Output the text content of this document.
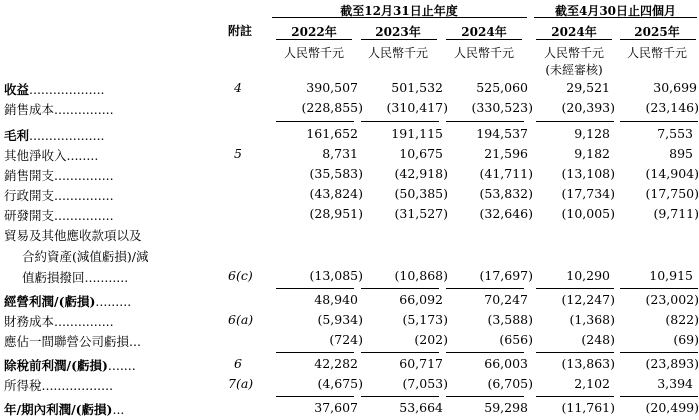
附註
截至12月31日止年度	截至4月30日止四個月
2022年	2023年	2024年	2024年	2025年
人民幣千元	人民幣千元	人民幣千元	人民幣千元	人民幣千元
(未經審核)
收益...................	4	390,507	501,532	525,060	29,521	30,699
銷售成本...............	(228,855)	(310,417)	(330,523)	(20,393)	(23,146)
毛利...................	161,652	191,115	194,537	9,128	7,553
其他淨收入........	5	8,731	10,675	21,596	9,182	895
銷售開支...............	(35,583)	(42,918)	(41,711)	(13,108)	(14,904)
行政開支...............	(43,824)	(50,385)	(53,832)	(17,734)	(17,750)
研發開支...............	(28,951)	(31,527)	(32,646)	(10,005)	(9,711)
貿易及其他應收款項以及
合約資產(減值虧損)/減
值虧損撥回...........	6(c)	(13,085)	(10,868)	(17,697)	10,290	10,915
經營利潤/(虧損).........	48,940	66,092	70,247	(12,247)	(23,002)
財務成本...............	6(a)	(5,934)	(5,173)	(3,588)	(1,368)	(822)
應佔一間聯營公司虧損...	(724)	(202)	(656)	(248)	(69)
除稅前利潤/(虧損).......	6	42,282	60,717	66,003	(13,863)	(23,893)
所得稅..................	7(a)	(4,675)	(7,053)	(6,705)	2,102	3,394
年/期內利潤/(虧損)...	37,607	53,664	59,298	(11,761)	(20,499)
